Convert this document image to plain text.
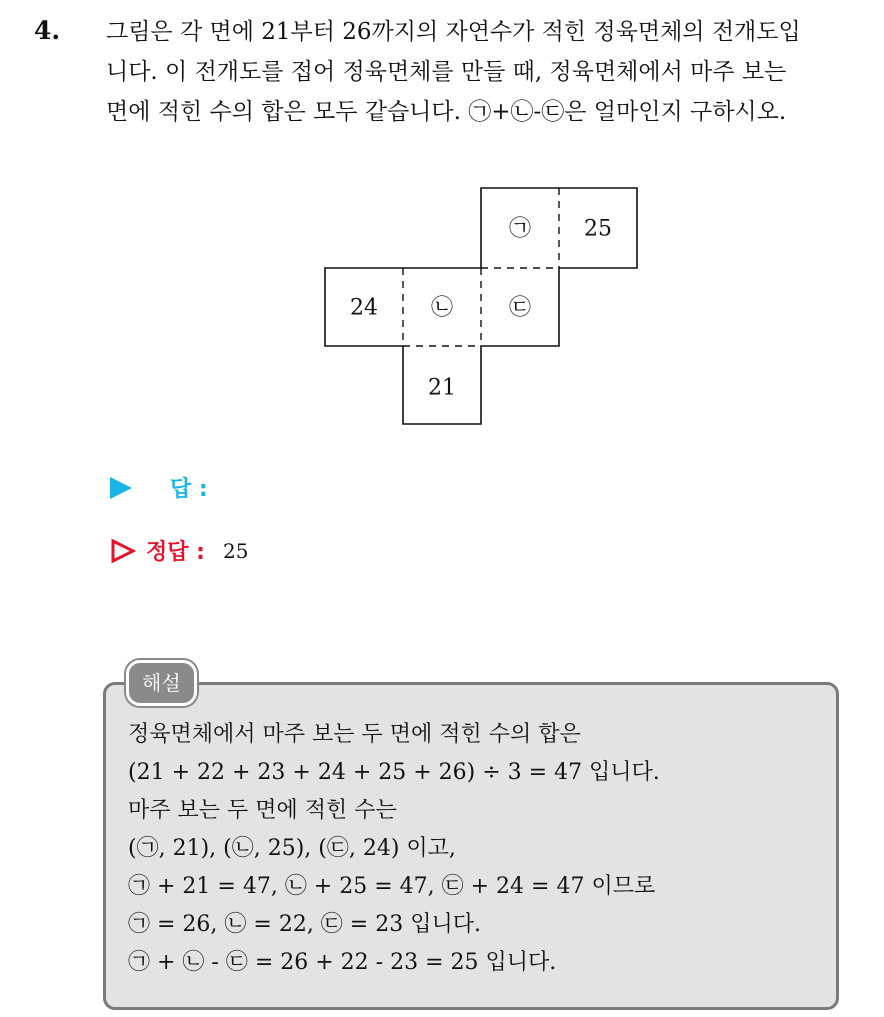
4. 그림은 각 면에 21부터 26까지의 자연수가 적힌 정육면체의 전개도입
니다. 이 전개도를 접어 정육면체를 만들 때, 정육면체에서 마주 보는
면에 적힌 수의 합은 모두 같습니다. ㉠+㉡-㉢은 얼마인지 구하시오.
㉠ 25
24 ㉡	㉢
21
답 :
정답 : 25
해설
정육면체에서 마주 보는 두 면에 적힌 수의 합은
(21 + 22 + 23 + 24 + 25 + 26) ÷ 3 = 47 입니다.
마주 보는 두 면에 적힌 수는
(㉠, 21), (㉡, 25), (㉢, 24) 이고,
㉠ + 21 = 47, ㉡ + 25 = 47, ㉢ + 24 = 47 이므로
㉠ = 26, ㉡ = 22, ㉢ = 23 입니다.
㉠ + ㉡ - ㉢ = 26 + 22 - 23 = 25 입니다.
